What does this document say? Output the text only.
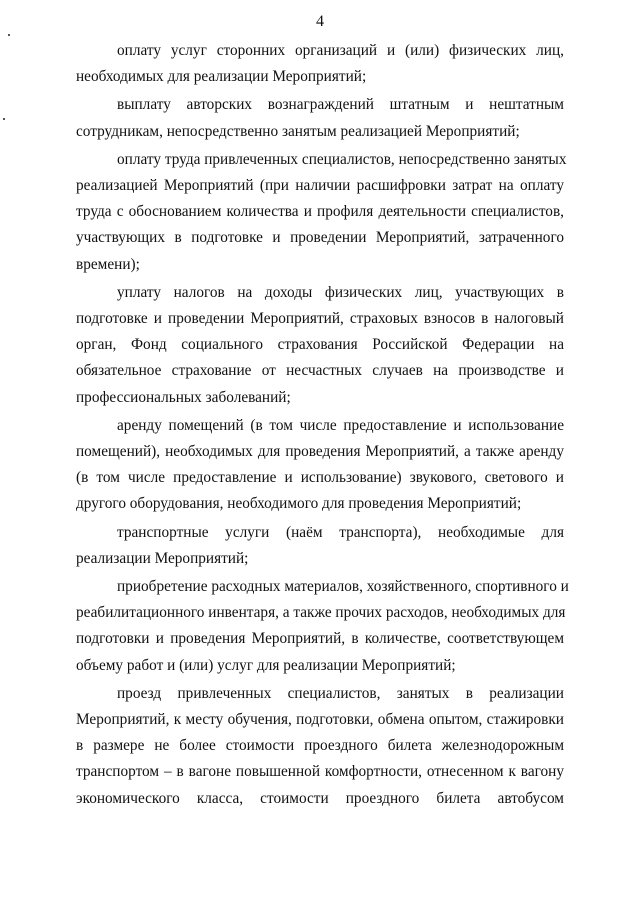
4

оплату услуг сторонних организаций и (или) физических лиц,
необходимых для реализации Мероприятий;

выплату авторских вознаграждений штатным и нештатным
сотрудникам, непосредственно занятым реализацией Мероприятий;

оплату труда привлеченных специалистов, непосредственно занятых
реализацией Мероприятий (при наличии расшифровки затрат на оплату
труда с обоснованием количества и профиля деятельности специалистов,
участвующих в подготовке и проведении Мероприятий, затраченного
времени);

уплату налогов на доходы физических лиц, участвующих в
подготовке и проведении Мероприятий, страховых взносов в налоговый
орган, Фонд социального страхования Российской Федерации на
обязательное страхование от несчастных случаев на производстве и
профессиональных заболеваний;

аренду помещений (в том числе предоставление и использование
помещений), необходимых для проведения Мероприятий, а также аренду
(в том числе предоставление и использование) звукового, светового и
другого оборудования, необходимого для проведения Мероприятий;

транспортные услуги (наём транспорта), необходимые для
реализации Мероприятий;

приобретение расходных материалов, хозяйственного, спортивного и
реабилитационного инвентаря, а также прочих расходов, необходимых для
подготовки и проведения Мероприятий, в количестве, соответствующем
объему работ и (или) услуг для реализации Мероприятий;

проезд привлеченных специалистов, занятых в реализации
Мероприятий, к месту обучения, подготовки, обмена опытом, стажировки
в размере не более стоимости проездного билета железнодорожным
транспортом – в вагоне повышенной комфортности, отнесенном к вагону
экономического класса, стоимости проездного билета автобусом
